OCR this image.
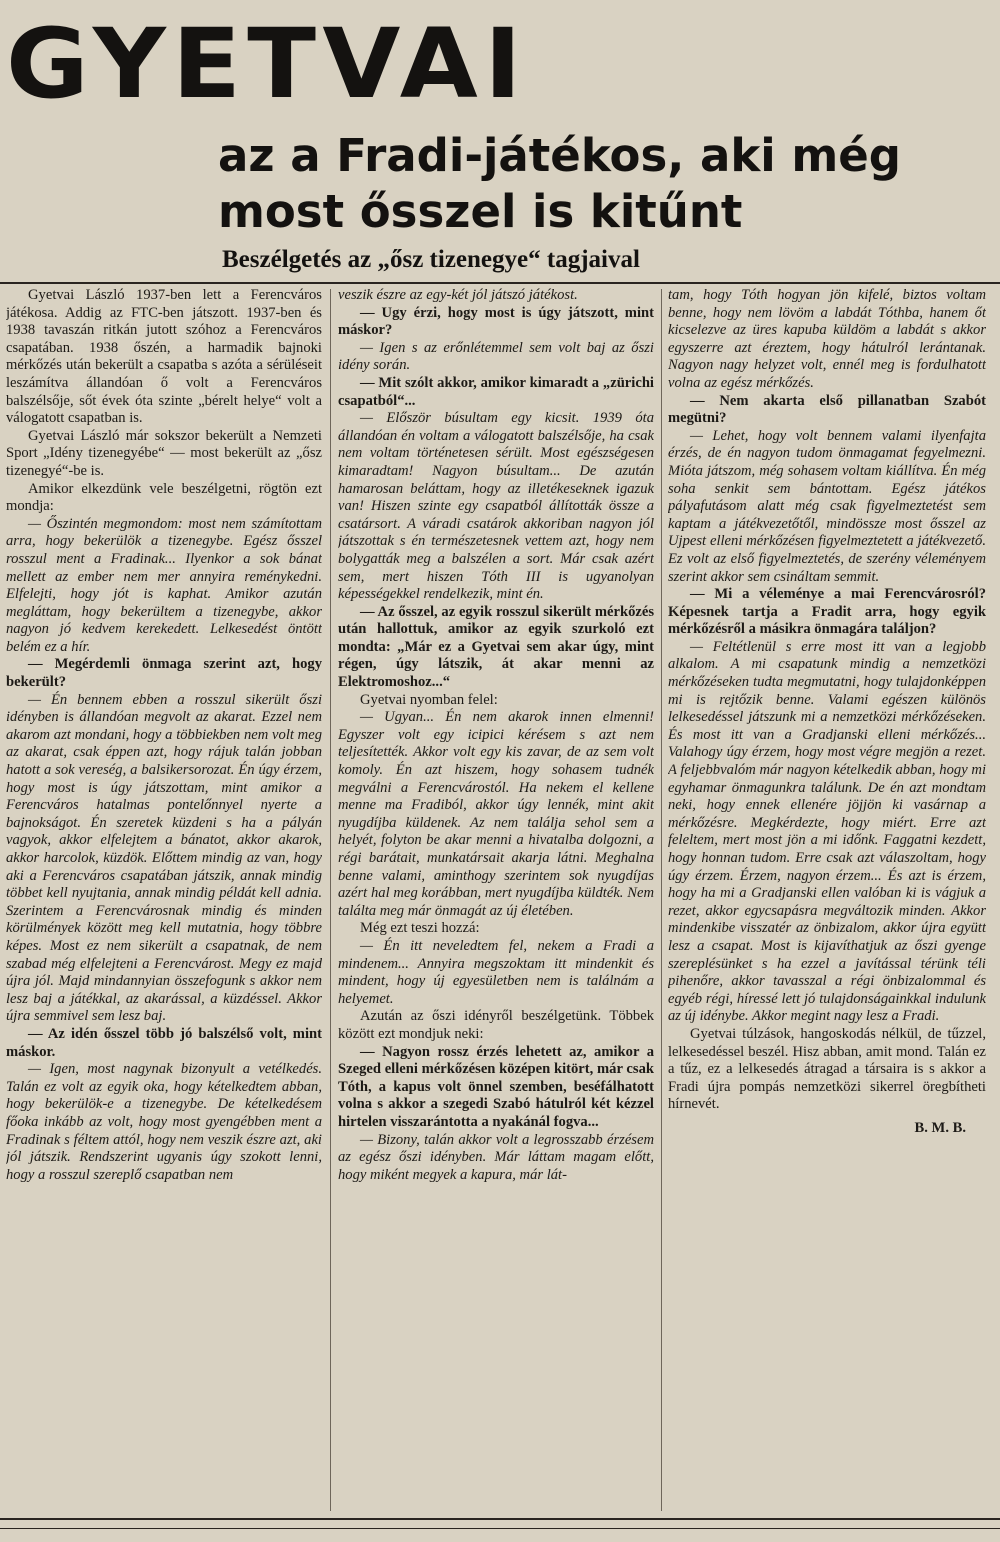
GYETVAI
az a Fradi-játékos, aki még most ősszel is kitűnt
Beszélgetés az „ősz tizenegye“ tagjaival

Gyetvai László 1937-ben lett a Ferencváros játékosa. Addig az FTC-ben játszott. 1937-ben és 1938 tavaszán ritkán jutott szóhoz a Ferencváros csapatában. 1938 őszén, a harmadik bajnoki mérkőzés után bekerült a csapatba s azóta a sérüléseit leszámítva állandóan ő volt a Ferencváros balszélsője, sőt évek óta szinte „bérelt helye“ volt a válogatott csapatban is.

Gyetvai László már sokszor bekerült a Nemzeti Sport „Idény tizenegyébe“ — most bekerült az „ősz tizenegyé“-be is.

Amikor elkezdünk vele beszélgetni, rögtön ezt mondja:

— Őszintén megmondom: most nem számítottam arra, hogy bekerülök a tizenegybe. Egész ősszel rosszul ment a Fradinak... Ilyenkor a sok bánat mellett az ember nem mer annyira reménykedni. Elfelejti, hogy jót is kaphat. Amikor azután megláttam, hogy bekerültem a tizenegybe, akkor nagyon jó kedvem kerekedett. Lelkesedést öntött belém ez a hír.

— Megérdemli önmaga szerint azt, hogy bekerült?

— Én bennem ebben a rosszul sikerült őszi idényben is állandóan megvolt az akarat. Ezzel nem akarom azt mondani, hogy a többiekben nem volt meg az akarat, csak éppen azt, hogy rájuk talán jobban hatott a sok vereség, a balsikersorozat. Én úgy érzem, hogy most is úgy játszottam, mint amikor a Ferencváros hatalmas pontelőnnyel nyerte a bajnokságot. Én szeretek küzdeni s ha a pályán vagyok, akkor elfelejtem a bánatot, akkor akarok, akkor harcolok, küzdök. Előttem mindig az van, hogy aki a Ferencváros csapatában játszik, annak mindig többet kell nyujtania, annak mindig példát kell adnia. Szerintem a Ferencvárosnak mindig és minden körülmények között meg kell mutatnia, hogy többre képes. Most ez nem sikerült a csapatnak, de nem szabad még elfelejteni a Ferencvárost. Megy ez majd újra jól. Majd mindannyian összefogunk s akkor nem lesz baj a játékkal, az akarással, a küzdéssel. Akkor újra semmivel sem lesz baj.

— Az idén ősszel több jó balszélső volt, mint máskor.

— Igen, most nagynak bizonyult a vetélkedés. Talán ez volt az egyik oka, hogy kételkedtem abban, hogy bekerülök-e a tizenegybe. De kételkedésem főoka inkább az volt, hogy most gyengébben ment a Fradinak s féltem attól, hogy nem veszik észre azt, aki jól játszik. Rendszerint ugyanis úgy szokott lenni, hogy a rosszul szereplő csapatban nem

veszik észre az egy-két jól játszó játékost.

— Ugy érzi, hogy most is úgy játszott, mint máskor?

— Igen s az erőnlétemmel sem volt baj az őszi idény során.

— Mit szólt akkor, amikor kimaradt a „zürichi csapatból“...

— Először búsultam egy kicsit. 1939 óta állandóan én voltam a válogatott balszélsője, ha csak nem voltam történetesen sérült. Most egészségesen kimaradtam! Nagyon búsultam... De azután hamarosan beláttam, hogy az illetékeseknek igazuk van! Hiszen szinte egy csapatból állították össze a csatársort. A váradi csatárok akkoriban nagyon jól játszottak s én természetesnek vettem azt, hogy nem bolygatták meg a balszélen a sort. Már csak azért sem, mert hiszen Tóth III is ugyanolyan képességekkel rendelkezik, mint én.

— Az ősszel, az egyik rosszul sikerült mérkőzés után hallottuk, amikor az egyik szurkoló ezt mondta: „Már ez a Gyetvai sem akar úgy, mint régen, úgy látszik, át akar menni az Elektromoshoz...“

Gyetvai nyomban felel:

— Ugyan... Én nem akarok innen elmenni! Egyszer volt egy icipici kérésem s azt nem teljesítették. Akkor volt egy kis zavar, de az sem volt komoly. Én azt hiszem, hogy sohasem tudnék megválni a Ferencvárostól. Ha nekem el kellene menne ma Fradiból, akkor úgy lennék, mint akit nyugdíjba küldenek. Az nem találja sehol sem a helyét, folyton be akar menni a hivatalba dolgozni, a régi barátait, munkatársait akarja látni. Meghalna benne valami, aminthogy szerintem sok nyugdíjas azért hal meg korábban, mert nyugdíjba küldték. Nem találta meg már önmagát az új életében.

Még ezt teszi hozzá:

— Én itt neveledtem fel, nekem a Fradi a mindenem... Annyira megszoktam itt mindenkit és mindent, hogy új egyesületben nem is találnám a helyemet.

Azután az őszi idényről beszélgetünk. Többek között ezt mondjuk neki:

— Nagyon rossz érzés lehetett az, amikor a Szeged elleni mérkőzésen középen kitört, már csak Tóth, a kapus volt önnel szemben, beséfálhatott volna s akkor a szegedi Szabó hátulról két kézzel hirtelen visszarántotta a nyakánál fogva...

— Bizony, talán akkor volt a legrosszabb érzésem az egész őszi idényben. Már láttam magam előtt, hogy miként megyek a kapura, már lát-

tam, hogy Tóth hogyan jön kifelé, biztos voltam benne, hogy nem lövöm a labdát Tóthba, hanem őt kicselezve az üres kapuba küldöm a labdát s akkor egyszerre azt éreztem, hogy hátulról lerántanak. Nagyon nagy helyzet volt, ennél meg is fordulhatott volna az egész mérkőzés.

— Nem akarta első pillanatban Szabót megütni?

— Lehet, hogy volt bennem valami ilyenfajta érzés, de én nagyon tudom önmagamat fegyelmezni. Mióta játszom, még sohasem voltam kiállítva. Én még soha senkit sem bántottam. Egész játékos pályafutásom alatt még csak figyelmeztetést sem kaptam a játékvezetőtől, mindössze most ősszel az Ujpest elleni mérkőzésen figyelmeztetett a játékvezető. Ez volt az első figyelmeztetés, de szerény véleményem szerint akkor sem csináltam semmit.

— Mi a véleménye a mai Ferencvárosról? Képesnek tartja a Fradit arra, hogy egyik mérkőzésről a másikra önmagára találjon?

— Feltétlenül s erre most itt van a legjobb alkalom. A mi csapatunk mindig a nemzetközi mérkőzéseken tudta megmutatni, hogy tulajdonképpen mi is rejtőzik benne. Valami egészen különös lelkesedéssel játszunk mi a nemzetközi mérkőzéseken. És most itt van a Gradjanski elleni mérkőzés... Valahogy úgy érzem, hogy most végre megjön a rezet. A feljebbvalóm már nagyon kételkedik abban, hogy mi egyhamar önmagunkra találunk. De én azt mondtam neki, hogy ennek ellenére jöjjön ki vasárnap a mérkőzésre. Megkérdezte, hogy miért. Erre azt feleltem, mert most jön a mi időnk. Faggatni kezdett, hogy honnan tudom. Erre csak azt válaszoltam, hogy úgy érzem. Érzem, nagyon érzem... És azt is érzem, hogy ha mi a Gradjanski ellen valóban ki is vágjuk a rezet, akkor egycsapásra megváltozik minden. Akkor mindenkibe visszatér az önbizalom, akkor újra együtt lesz a csapat. Most is kijavíthatjuk az őszi gyenge szereplésünket s ha ezzel a javítással térünk téli pihenőre, akkor tavasszal a régi önbizalommal és egyéb régi, híressé lett jó tulajdonságainkkal indulunk az új idénybe. Akkor megint nagy lesz a Fradi.

Gyetvai túlzások, hangoskodás nélkül, de tűzzel, lelkesedéssel beszél. Hisz abban, amit mond. Talán ez a tűz, ez a lelkesedés átragad a társaira is s akkor a Fradi újra pompás nemzetközi sikerrel öregbítheti hírnevét.

B. M. B.
